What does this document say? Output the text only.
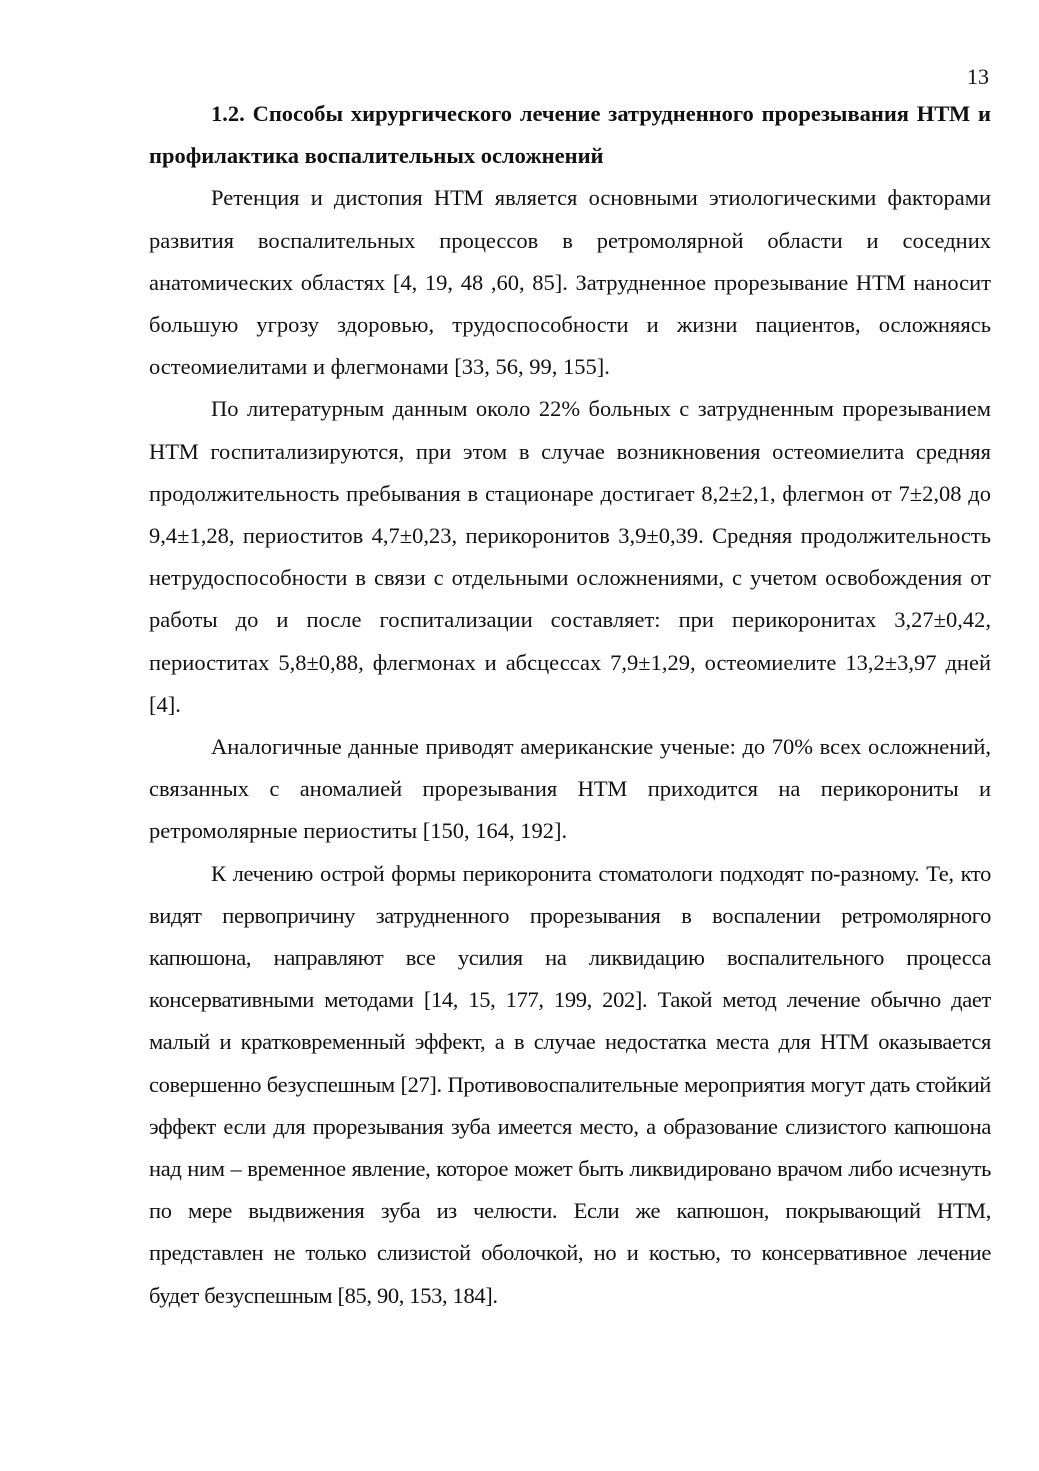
13

1.2. Способы хирургического лечение затрудненного прорезывания НТМ и профилактика воспалительных осложнений

Ретенция и дистопия НТМ является основными этиологическими факторами развития воспалительных процессов в ретромолярной области и соседних анатомических областях [4, 19, 48 ,60, 85]. Затрудненное прорезывание НТМ наносит большую угрозу здоровью, трудоспособности и жизни пациентов, осложняясь остеомиелитами и флегмонами [33, 56, 99, 155].

По литературным данным около 22% больных с затрудненным прорезыванием НТМ госпитализируются, при этом в случае возникновения остеомиелита средняя продолжительность пребывания в стационаре достигает 8,2±2,1, флегмон от 7±2,08 до 9,4±1,28, периоститов 4,7±0,23, перикоронитов 3,9±0,39. Средняя продолжительность нетрудоспособности в связи с отдельными осложнениями, с учетом освобождения от работы до и после госпитализации составляет: при перикоронитах 3,27±0,42, периоститах 5,8±0,88, флегмонах и абсцессах 7,9±1,29, остеомиелите 13,2±3,97 дней [4].

Аналогичные данные приводят американские ученые: до 70% всех осложнений, связанных с аномалией прорезывания НТМ приходится на перикорониты и ретромолярные периоститы [150, 164, 192].

К лечению острой формы перикоронита стоматологи подходят по-разному. Те, кто видят первопричину затрудненного прорезывания в воспалении ретромолярного капюшона, направляют все усилия на ликвидацию воспалительного процесса консервативными методами [14, 15, 177, 199, 202]. Такой метод лечение обычно дает малый и кратковременный эффект, а в случае недостатка места для НТМ оказывается совершенно безуспешным [27]. Противовоспалительные мероприятия могут дать стойкий эффект если для прорезывания зуба имеется место, а образование слизистого капюшона над ним – временное явление, которое может быть ликвидировано врачом либо исчезнуть по мере выдвижения зуба из челюсти. Если же капюшон, покрывающий НТМ, представлен не только слизистой оболочкой, но и костью, то консервативное лечение будет безуспешным [85, 90, 153, 184].
